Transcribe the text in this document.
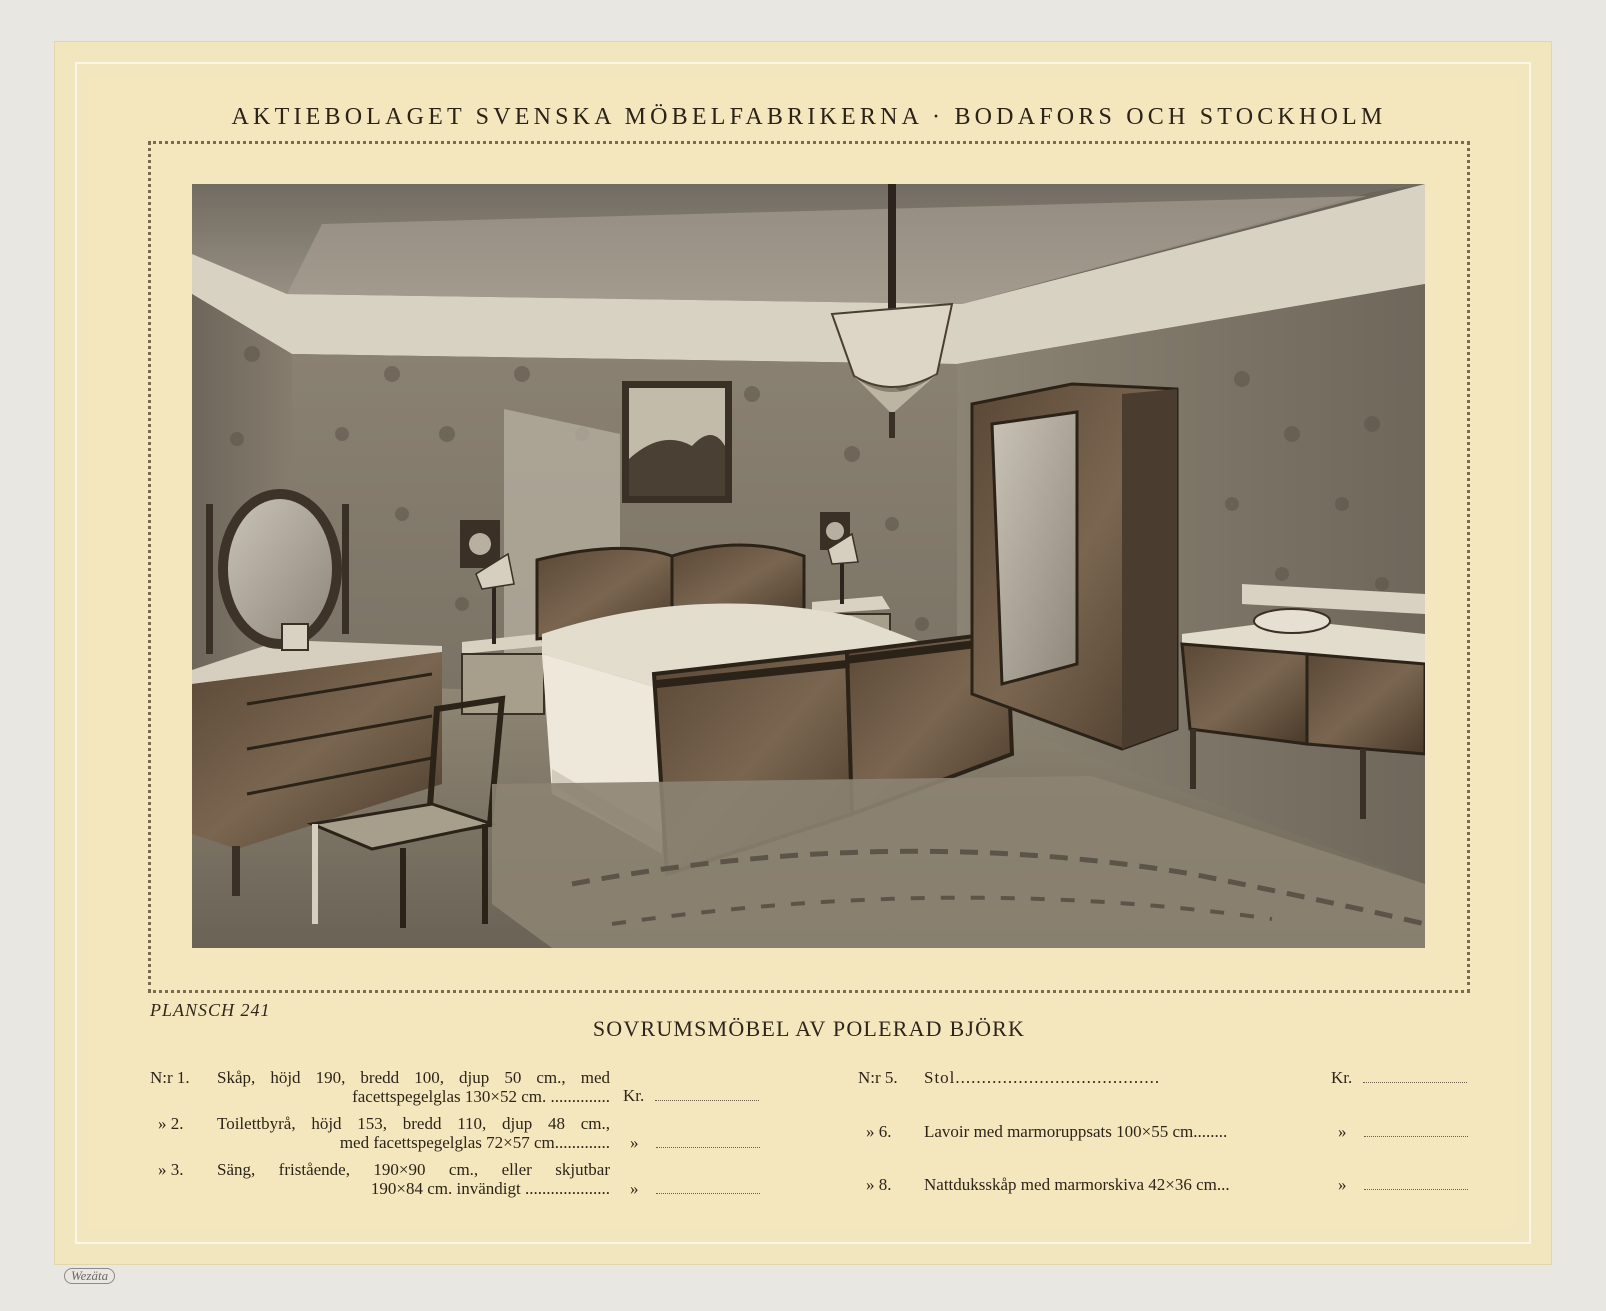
AKTIEBOLAGET SVENSKA MÖBELFABRIKERNA · BODAFORS OCH STOCKHOLM
PLANSCH 241
SOVRUMSMÖBEL AV POLERAD BJÖRK
N:r 1. Skåp, höjd 190, bredd 100, djup 50 cm., med
facettspegelglas 130×52 cm. .............. Kr.
» 2. Toilettbyrå, höjd 153, bredd 110, djup 48 cm.,
med facettspegelglas 72×57 cm............. »
» 3. Säng, fristående, 190×90 cm., eller skjutbar
190×84 cm. invändigt .................... »
N:r 5. Stol.......................................	Kr.
» 6. Lavoir med marmoruppsats 100×55 cm........	»
» 8. Nattduksskåp med marmorskiva 42×36 cm...	»
Wezäta
